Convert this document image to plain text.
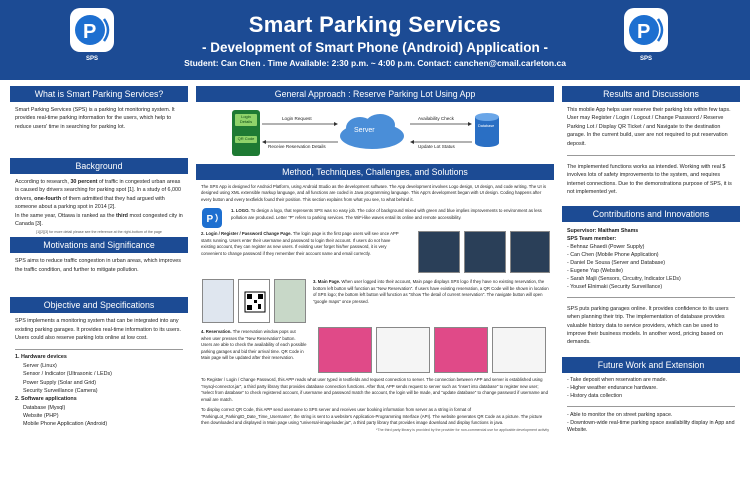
P
SPS
Smart Parking Services
- Development of Smart Phone (Android) Application -
Student: Can Chen . Time Available: 2:30 p.m. ~ 4:00 p.m. Contact: canchen@cmail.carleton.ca
P
SPS
What is Smart Parking Services?
Smart Parking Services (SPS) is a parking lot monitoring system. It provides real-time parking information for the users, which help to reduce users' time in searching for parking lot.
Background
According to research, 30 percent of traffic in congested urban areas is caused by drivers searching for parking spot [1]. In a study of 6,000 drivers, one-fourth of them admitted that they had argued with someone about a parking spot in 2014 [2].
In the same year, Ottawa is ranked as the third most congested city in Canada [3].
[1][2][3] for more detail please see the reference at the right-bottom of the page
Motivations and Significance
SPS aims to reduce traffic congestion in urban areas, which improves the traffic condition, and further to mitigate pollution.
Objective and Specifications
SPS implements a monitoring system that can be integrated into any existing parking garages. It provides real-time information to its users. Users could also reserve parking lots online at low cost.
1. Hardware devices
Server (Linux)
Sensor / Indicator (Ultrasonic / LEDs)
Power Supply (Solar and Grid)
Security Surveillance (Camera)
2. Software applications
Database (Mysql)
Website (PHP)
Mobile Phone Application (Android)
General Approach : Reserve Parking Lot Using App
Login Details
QR Code
Server
Login Request
Receive Reservation Details
Availability Check
Update Lot Status
Database
Method, Techniques, Challenges, and Solutions
The SPS App is designed for Android Platform, using Android Studio as the development software. The App development involves Logo design, UI design, and code writing. The UI is designed using XML extensible markup language, and all functions are coded in Java programming language. This App's development began with UI design. Coding happens after every button and every textfields found their position. This section explains from what you see, to what behind it.
P
1. LOGO. To design a logo, that represents SPS was no easy job. The color of background mixed with green and blue implies improvements to environment as less pollution are produced. Letter "P" refers to parking services. The WiFi-like waves entail its online and remote accessibility.
2. Login / Register / Password Change Page. The login page is the first page users will see once APP starts running. Users enter their username and password to login their account. If users do not have existing account, they can register as new users. If existing user forget his/her password, it is very convenient to change password if they remember their account name and email correctly.
3. Main Page. When user logged into their account, Main page displays SPS logo if they have no existing reservation, the bottom left button will function as "New Reservation". If users have existing reservation, a QR Code will be shown in location of SPS logo; the bottom left button will function as "Show The detail of current reservation". The navigate button will open "google maps" once pressed.
4. Reservation. The reservation window pops out when user presses the "New Reservation" button. Users are able to check the availability of each possible parking garages and bid their arrival time. QR Code in Main page will be updated after their reservation.
To Register / Login / Change Password, this APP reads what user typed in textfields and request connection to server. The connection between APP and server is established using "mysql-connector.jar", a third party library that provides database connection functions. After that, APP sends request to server such as "insert into database" to register new user; "select from database" to check registered account, if username and password match the account, the login will be made, and "update database" to change password if username and email are match.
To display correct QR Code, this APP send username to SPS server and receives user booking information from server as a string in format of "ParkingLot_ParkingID_Date_Time_Username", the string is sent to a website's Application-Programming Interface (API). The website generates QR Code as a picture. The picture then downloaded and displayed in Main page using "universal-imageloader.jar", a third party library that provides image download and display functions in java.
*The third party library is provided by the provider for non-commercial use for applicable development activity
Results and Discussions
This mobile App helps user reserve their parking lots within few taps. User may Register / Login / Logout / Change Password / Reserve Parking Lot / Display QR Ticket / and Navigate to the destination garage. In the current build, user are not required to put reservation deposit.
The implemented functions works as intended. Working with real $ involves lots of safety improvements to the system, and requires internet connections. Due to the demonstrations purpose of SPS, it is not implemented yet.
Contributions and Innovations
Supervisor: Maitham Shams
SPS Team member:
- Behnaz Ghaedi (Power Supply)
- Can Chen (Mobile Phone Application)
- Daniel De Sousa (Server and Database)
- Eugene Yap (Website)
- Sarah Majli (Sensors, Circuitry, Indicator LEDs)
- Yousef Elnimaki (Security Surveillance)
SPS puts parking garages online. It provides confidence to its users when planning their trip. The implementation of database provides valuable history data to service providers, which can be used to improve their business models. In another word, pricing based on demands.
Future Work and Extension
- Take deposit when reservation are made.
- Higher weather endurance hardware.
- History data collection
- Able to monitor the on street parking space.
- Downtown-wide real-time parking space availability display in App and Website.
